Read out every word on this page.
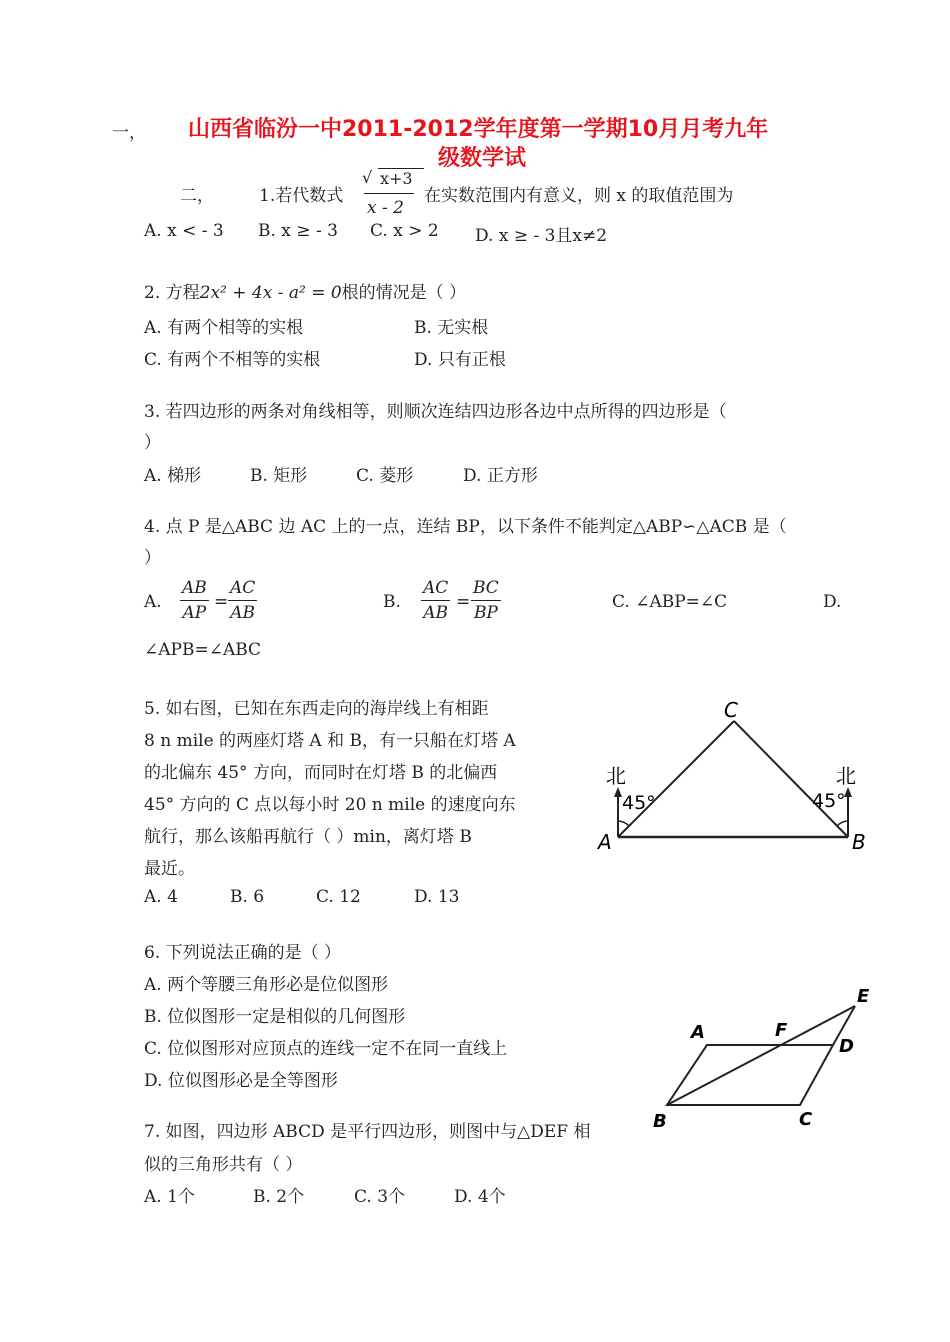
一， 山西省临汾一中2011-2012学年度第一学期10月月考九年
级数学试
二，	1.若代数式
√ x+3
x - 2
在实数范围内有意义，则 x 的取值范围为
A. x < - 3 B. x ≥ - 3 C. x > 2 D. x ≥ - 3且x≠2
2. 方程2x² + 4x - a² = 0根的情况是（ ）
A. 有两个相等的实根	B. 无实根
C. 有两个不相等的实根	D. 只有正根
3. 若四边形的两条对角线相等，则顺次连结四边形各边中点所得的四边形是（
）
A. 梯形	B. 矩形	C. 菱形	D. 正方形
4. 点 P 是△ABC 边 AC 上的一点，连结 BP，以下条件不能判定△ABP∽△ACB 是（
）
A. $\frac{AB}{AP} = \frac{AC}{AB}$	B. $\frac{AC}{AB} = \frac{BC}{BP}$	C. ∠ABP=∠C	D.
∠APB=∠ABC
5. 如右图，已知在东西走向的海岸线上有相距
8 n mile 的两座灯塔 A 和 B，有一只船在灯塔 A
的北偏东 45° 方向，而同时在灯塔 B 的北偏西
45° 方向的 C 点以每小时 20 n mile 的速度向东
航行，那么该船再航行（ ）min，离灯塔 B
最近。
A. 4	B. 6	C. 12	D. 13
C
A	B
北	北
45°	45°
6. 下列说法正确的是（ ）
A. 两个等腰三角形必是位似图形
B. 位似图形一定是相似的几何图形
C. 位似图形对应顶点的连线一定不在同一直线上
D. 位似图形必是全等图形
7. 如图，四边形 ABCD 是平行四边形，则图中与△DEF 相
似的三角形共有（ ）
A. 1个	B. 2个	C. 3个	D. 4个
A	F
E
D
B	C
